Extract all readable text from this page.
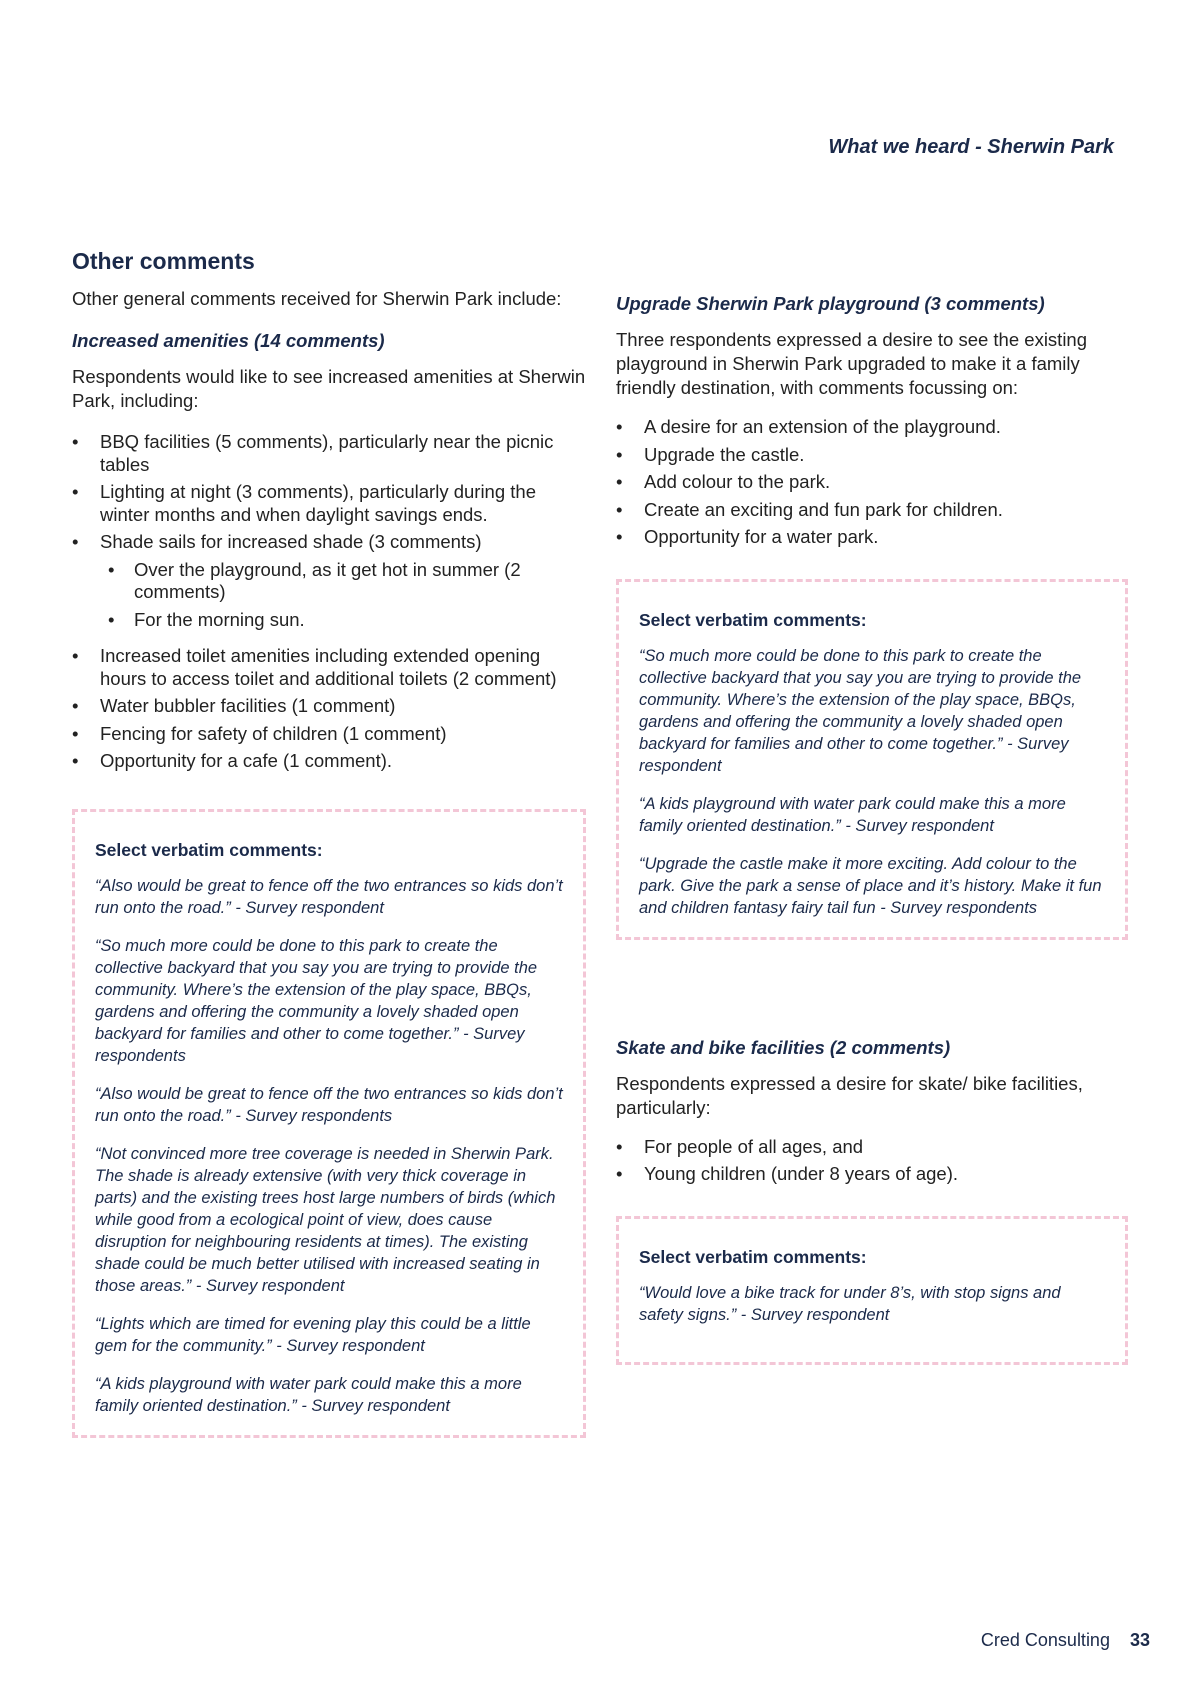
What we heard - Sherwin Park
Other comments

Other general comments received for Sherwin Park include:

Increased amenities (14 comments)

Respondents would like to see increased amenities at Sherwin Park, including:

• BBQ facilities (5 comments), particularly near the picnic tables
• Lighting at night (3 comments), particularly during the winter months and when daylight savings ends.
• Shade sails for increased shade (3 comments)
• Over the playground, as it get hot in summer (2 comments)
• For the morning sun.
• Increased toilet amenities including extended opening hours to access toilet and additional toilets (2 comment)
• Water bubbler facilities (1 comment)
• Fencing for safety of children (1 comment)
• Opportunity for a cafe (1 comment).
Select verbatim comments:

“Also would be great to fence off the two entrances so kids don’t run onto the road.” - Survey respondent

“So much more could be done to this park to create the collective backyard that you say you are trying to provide the community. Where’s the extension of the play space, BBQs, gardens and offering the community a lovely shaded open backyard for families and other to come together.” - Survey respondents

“Also would be great to fence off the two entrances so kids don’t run onto the road.” - Survey respondents

“Not convinced more tree coverage is needed in Sherwin Park. The shade is already extensive (with very thick coverage in parts) and the existing trees host large numbers of birds (which while good from a ecological point of view, does cause disruption for neighbouring residents at times). The existing shade could be much better utilised with increased seating in those areas.” - Survey respondent

“Lights which are timed for evening play this could be a little gem for the community.” - Survey respondent

“A kids playground with water park could make this a more family oriented destination.” - Survey respondent

Upgrade Sherwin Park playground (3 comments)

Three respondents expressed a desire to see the existing playground in Sherwin Park upgraded to make it a family friendly destination, with comments focussing on:

• A desire for an extension of the playground.
• Upgrade the castle.
• Add colour to the park.
• Create an exciting and fun park for children.
• Opportunity for a water park.
Select verbatim comments:

“So much more could be done to this park to create the collective backyard that you say you are trying to provide the community. Where’s the extension of the play space, BBQs, gardens and offering the community a lovely shaded open backyard for families and other to come together.” - Survey respondent

“A kids playground with water park could make this a more family oriented destination.” - Survey respondent

“Upgrade the castle make it more exciting. Add colour to the park. Give the park a sense of place and it’s history. Make it fun and children fantasy fairy tail fun - Survey respondents

Skate and bike facilities (2 comments)

Respondents expressed a desire for skate/ bike facilities, particularly:

• For people of all ages, and
• Young children (under 8 years of age).
Select verbatim comments:

“Would love a bike track for under 8’s, with stop signs and safety signs.” - Survey respondent

Cred Consulting 33
